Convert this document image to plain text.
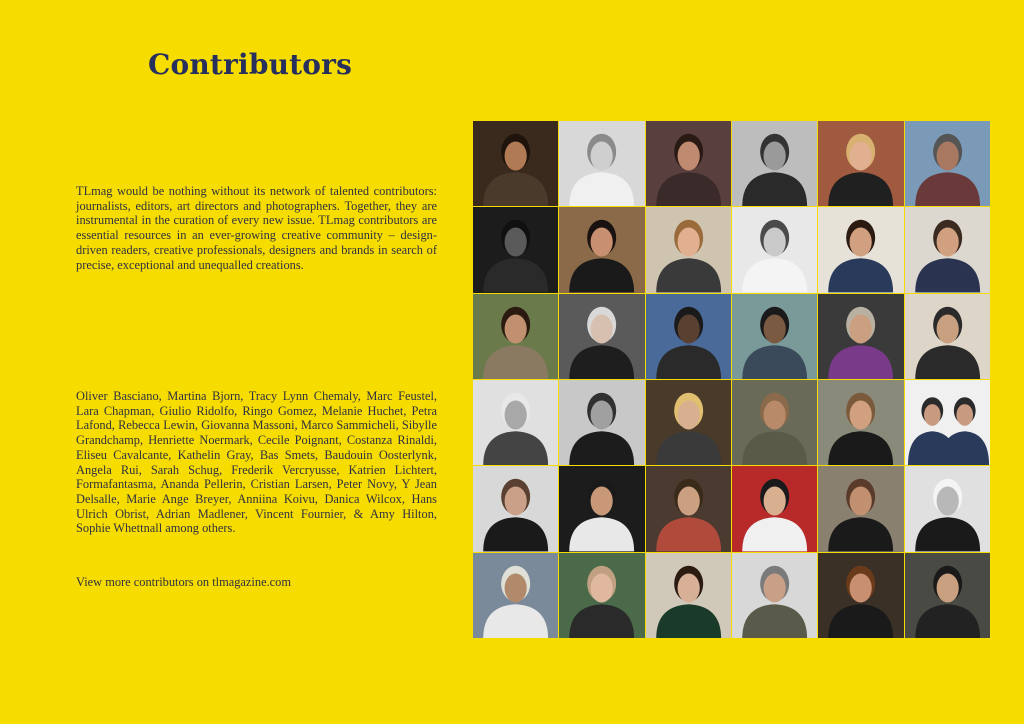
Contributors
TLmag would be nothing without its network of talented contributors: journalists, editors, art directors and photographers. Together, they are instrumental in the curation of every new issue. TLmag contributors are essential resources in an ever-growing creative community – design-driven readers, creative professionals, designers and brands in search of precise, exceptional and unequalled creations.
Oliver Basciano, Martina Bjorn, Tracy Lynn Chemaly, Marc Feustel, Lara Chapman, Giulio Ridolfo, Ringo Gomez, Melanie Huchet, Petra Lafond, Rebecca Lewin, Giovanna Massoni, Marco Sammicheli, Sibylle Grandchamp, Henriette Noermark, Cecile Poignant, Costanza Rinaldi, Eliseu Cavalcante, Kathelin Gray, Bas Smets, Baudouin Oosterlynk, Angela Rui, Sarah Schug, Frederik Vercryusse, Katrien Lichtert, Formafantasma, Ananda Pellerin, Cristian Larsen, Peter Novy, Y Jean Delsalle, Marie Ange Breyer, Anniina Koivu, Danica Wilcox, Hans Ulrich Obrist, Adrian Madlener, Vincent Fournier, & Amy Hilton, Sophie Whettnall among others.
View more contributors on tlmagazine.com
